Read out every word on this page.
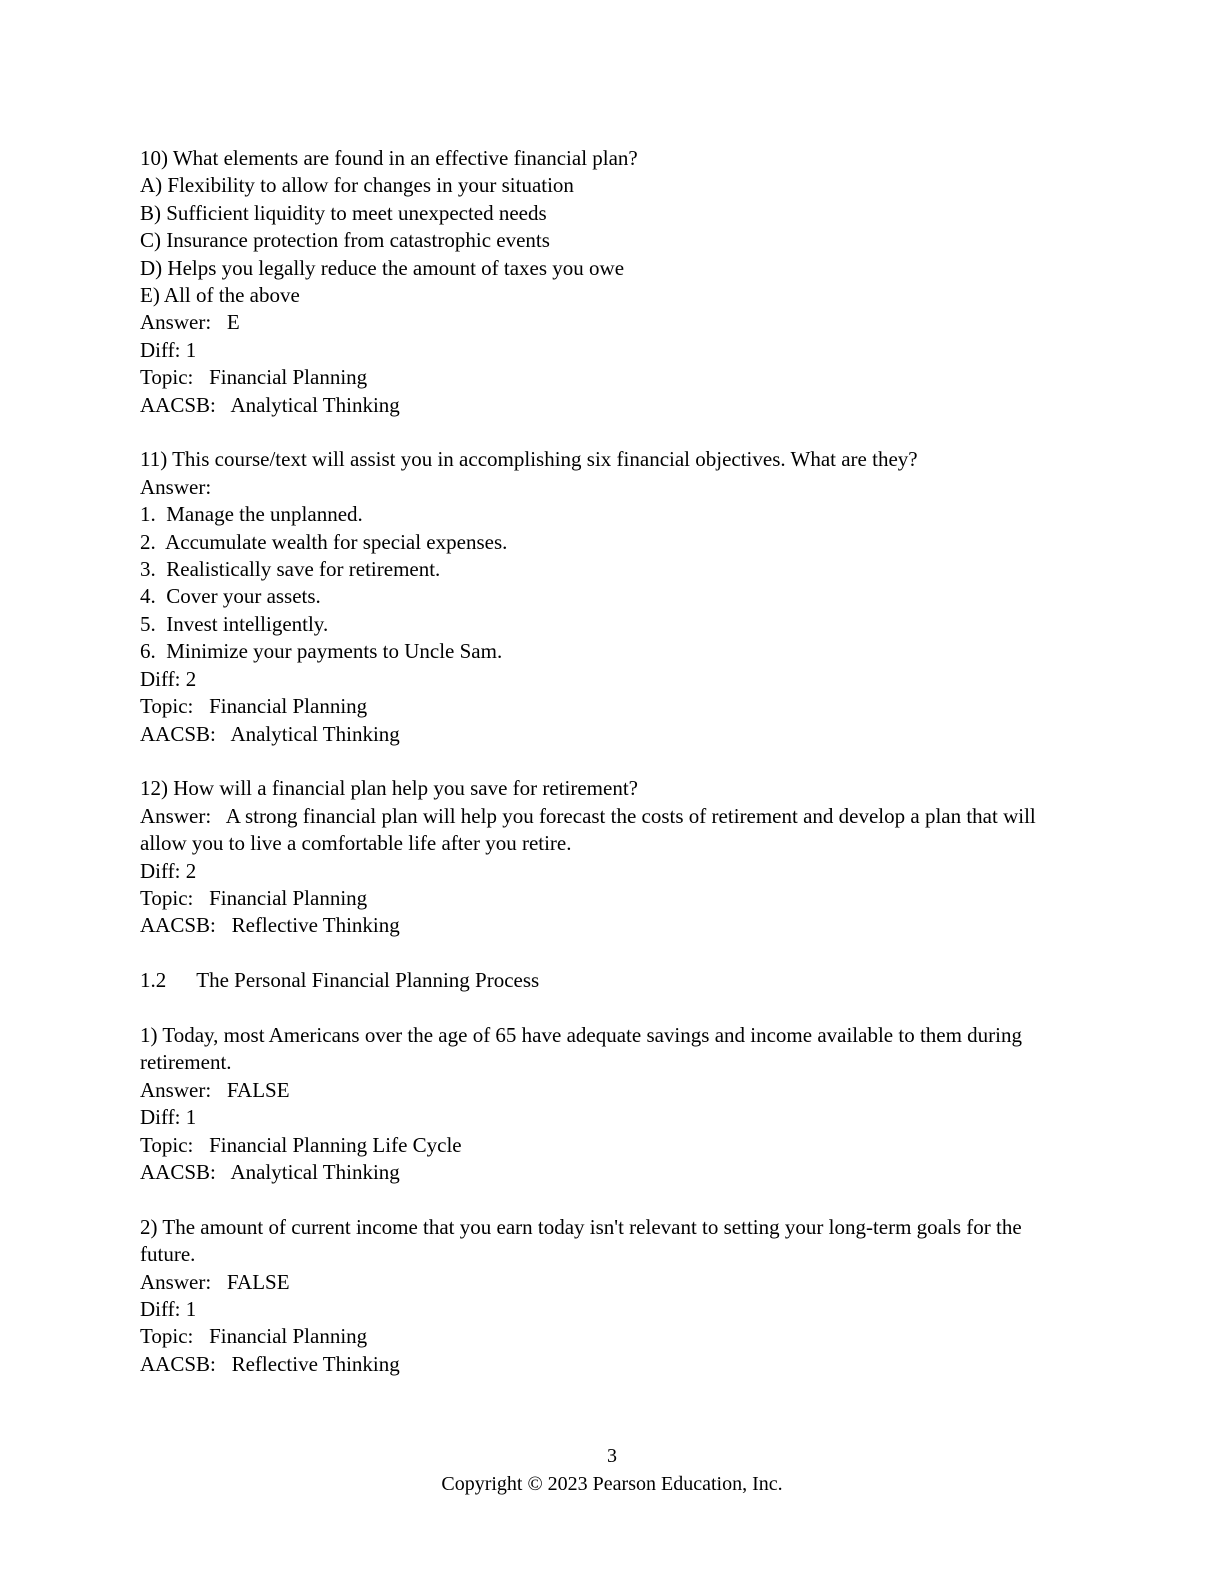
10) What elements are found in an effective financial plan?
A) Flexibility to allow for changes in your situation
B) Sufficient liquidity to meet unexpected needs
C) Insurance protection from catastrophic events
D) Helps you legally reduce the amount of taxes you owe
E) All of the above
Answer:   E
Diff: 1
Topic:   Financial Planning
AACSB:   Analytical Thinking
11) This course/text will assist you in accomplishing six financial objectives. What are they?
Answer:
1.  Manage the unplanned.
2.  Accumulate wealth for special expenses.
3.  Realistically save for retirement.
4.  Cover your assets.
5.  Invest intelligently.
6.  Minimize your payments to Uncle Sam.
Diff: 2
Topic:   Financial Planning
AACSB:   Analytical Thinking
12) How will a financial plan help you save for retirement?
Answer:   A strong financial plan will help you forecast the costs of retirement and develop a plan that will allow you to live a comfortable life after you retire.
Diff: 2
Topic:   Financial Planning
AACSB:   Reflective Thinking
1.2 The Personal Financial Planning Process
1) Today, most Americans over the age of 65 have adequate savings and income available to them during retirement.
Answer:   FALSE
Diff: 1
Topic:   Financial Planning Life Cycle
AACSB:   Analytical Thinking
2) The amount of current income that you earn today isn't relevant to setting your long-term goals for the future.
Answer:   FALSE
Diff: 1
Topic:   Financial Planning
AACSB:   Reflective Thinking
3
Copyright © 2023 Pearson Education, Inc.
